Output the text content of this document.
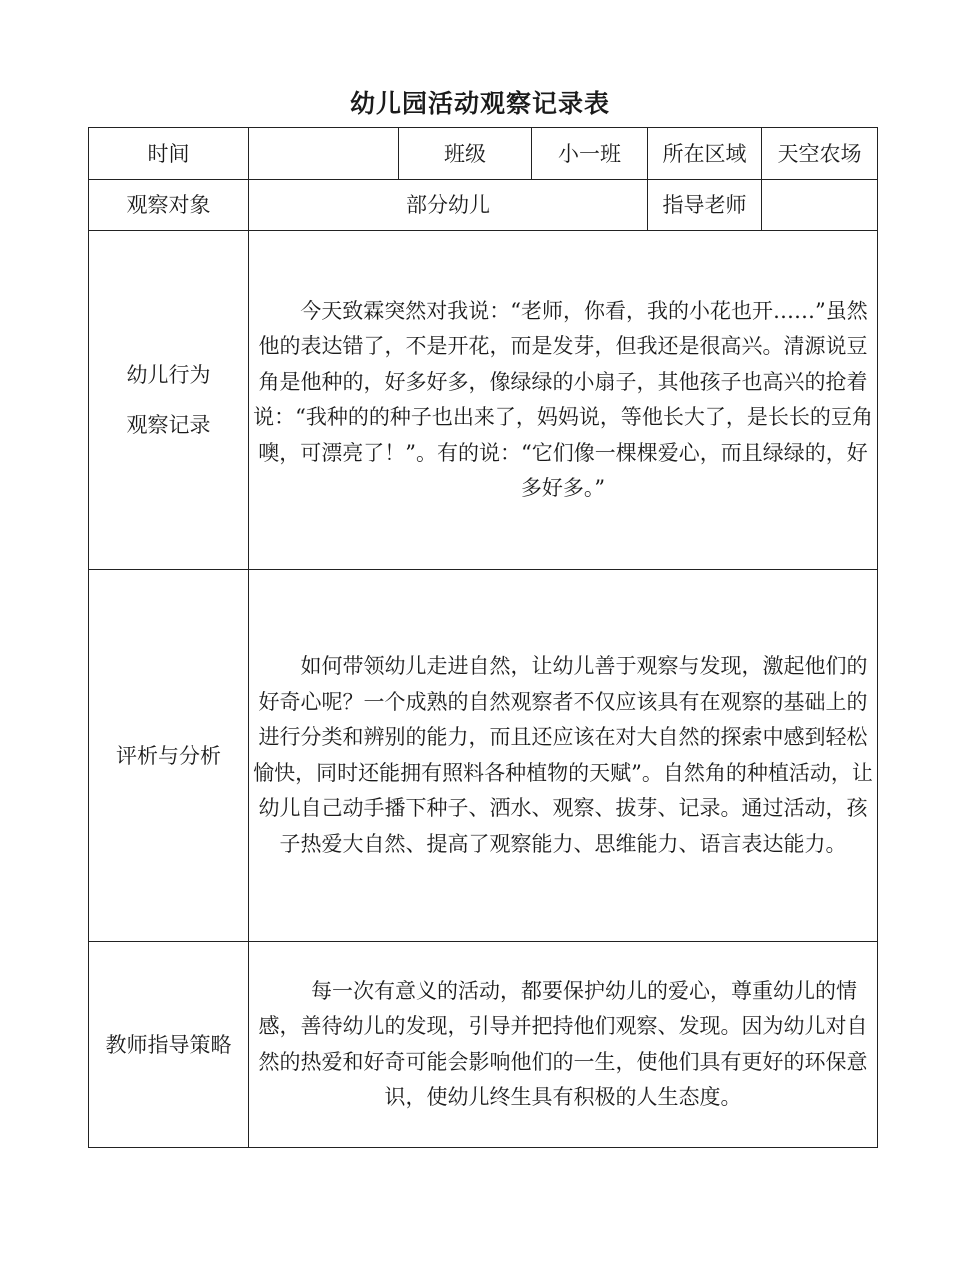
幼儿园活动观察记录表
时间		班级	小一班	所在区域	天空农场
观察对象	部分幼儿			指导老师	

幼儿行为
观察记录	今天致霖突然对我说：“老师，你看，我的小花也开……”虽然他的表达错了，不是开花，而是发芽，但我还是很高兴。清源说豆角是他种的，好多好多，像绿绿的小扇子，其他孩子也高兴的抢着说：“我种的的种子也出来了，妈妈说，等他长大了，是长长的豆角噢，可漂亮了！”。有的说：“它们像一棵棵爱心，而且绿绿的，好多好多。”				
评析与分析	如何带领幼儿走进自然，让幼儿善于观察与发现，激起他们的好奇心呢？一个成熟的自然观察者不仅应该具有在观察的基础上的进行分类和辨别的能力，而且还应该在对大自然的探索中感到轻松愉快，同时还能拥有照料各种植物的天赋”。自然角的种植活动，让幼儿自己动手播下种子、洒水、观察、拔芽、记录。通过活动，孩子热爱大自然、提高了观察能力、思维能力、语言表达能力。				
教师指导策略	每一次有意义的活动，都要保护幼儿的爱心，尊重幼儿的情感，善待幼儿的发现，引导并把持他们观察、发现。因为幼儿对自然的热爱和好奇可能会影响他们的一生，使他们具有更好的环保意识，使幼儿终生具有积极的人生态度。				
